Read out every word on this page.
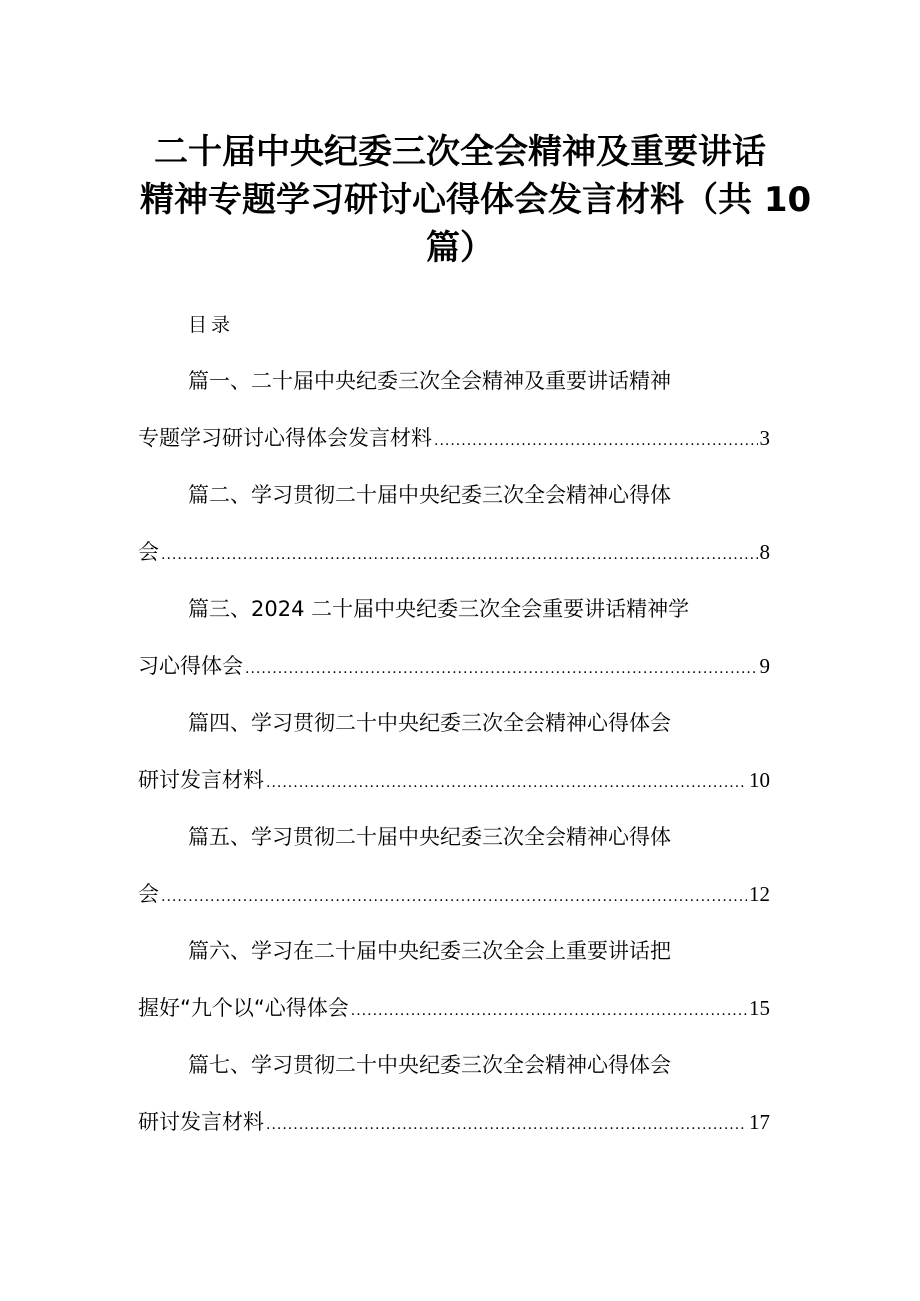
二十届中央纪委三次全会精神及重要讲话
精神专题学习研讨心得体会发言材料（共 10
篇）
目录
篇一、二十届中央纪委三次全会精神及重要讲话精神
专题学习研讨心得体会发言材料 .....	3
篇二、学习贯彻二十届中央纪委三次全会精神心得体
会 .....	8
篇三、2024 二十届中央纪委三次全会重要讲话精神学
习心得体会 .....	9
篇四、学习贯彻二十中央纪委三次全会精神心得体会
研讨发言材料 .....	10
篇五、学习贯彻二十届中央纪委三次全会精神心得体
会 .....	12
篇六、学习在二十届中央纪委三次全会上重要讲话把
握好“九个以“心得体会 .....	15
篇七、学习贯彻二十中央纪委三次全会精神心得体会
研讨发言材料 .....	17
